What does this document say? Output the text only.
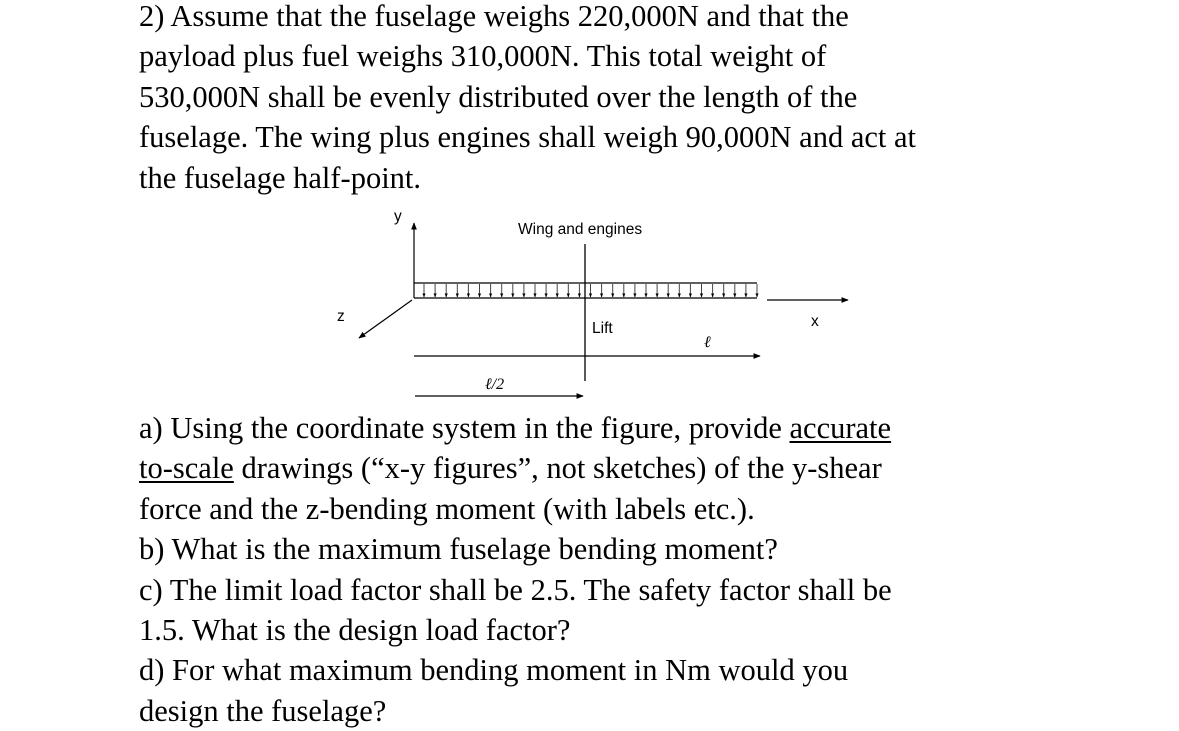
2) Assume that the fuselage weighs 220,000N and that the

payload plus fuel weighs 310,000N. This total weight of

530,000N shall be evenly distributed over the length of the

fuselage. The wing plus engines shall weigh 90,000N and act at

the fuselage half-point.

y
x
z
Wing and engines
Lift
ℓ
ℓ/2

a) Using the coordinate system in the figure, provide accurate

to-scale drawings (“x-y figures”, not sketches) of the y-shear

force and the z-bending moment (with labels etc.).

b) What is the maximum fuselage bending moment?

c) The limit load factor shall be 2.5. The safety factor shall be

1.5. What is the design load factor?

d) For what maximum bending moment in Nm would you

design the fuselage?
